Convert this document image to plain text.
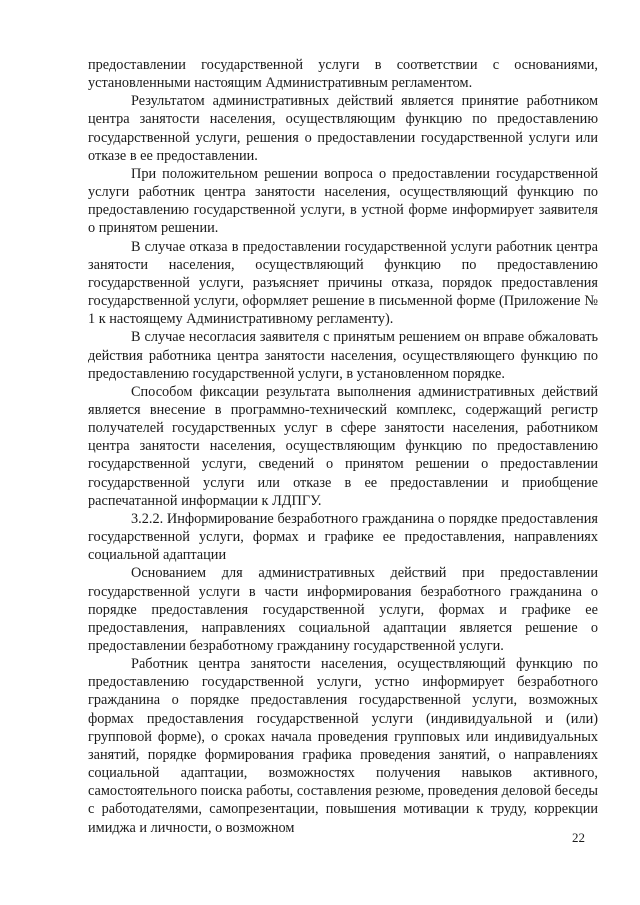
предоставлении государственной услуги в соответствии с основаниями, установленными настоящим Административным регламентом.

Результатом административных действий является принятие работником центра занятости населения, осуществляющим функцию по предоставлению государственной услуги, решения о предоставлении государственной услуги или отказе в ее предоставлении.

При положительном решении вопроса о предоставлении государственной услуги работник центра занятости населения, осуществляющий функцию по предоставлению государственной услуги, в устной форме информирует заявителя о принятом решении.

В случае отказа в предоставлении государственной услуги работник центра занятости населения, осуществляющий функцию по предоставлению государственной услуги, разъясняет причины отказа, порядок предоставления государственной услуги, оформляет решение в письменной форме (Приложение № 1 к настоящему Административному регламенту).

В случае несогласия заявителя с принятым решением он вправе обжаловать действия работника центра занятости населения, осуществляющего функцию по предоставлению государственной услуги, в установленном порядке.

Способом фиксации результата выполнения административных действий является внесение в программно-технический комплекс, содержащий регистр получателей государственных услуг в сфере занятости населения, работником центра занятости населения, осуществляющим функцию по предоставлению государственной услуги, сведений о принятом решении о предоставлении государственной услуги или отказе в ее предоставлении и приобщение распечатанной информации к ЛДПГУ.

3.2.2. Информирование безработного гражданина о порядке предоставления государственной услуги, формах и графике ее предоставления, направлениях социальной адаптации

Основанием для административных действий при предоставлении государственной услуги в части информирования безработного гражданина о порядке предоставления государственной услуги, формах и графике ее предоставления, направлениях социальной адаптации является решение о предоставлении безработному гражданину государственной услуги.

Работник центра занятости населения, осуществляющий функцию по предоставлению государственной услуги, устно информирует безработного гражданина о порядке предоставления государственной услуги, возможных формах предоставления государственной услуги (индивидуальной и (или) групповой форме), о сроках начала проведения групповых или индивидуальных занятий, порядке формирования графика проведения занятий, о направлениях социальной адаптации, возможностях получения навыков активного, самостоятельного поиска работы, составления резюме, проведения деловой беседы с работодателями, самопрезентации, повышения мотивации к труду, коррекции имиджа и личности, о возможном

22
